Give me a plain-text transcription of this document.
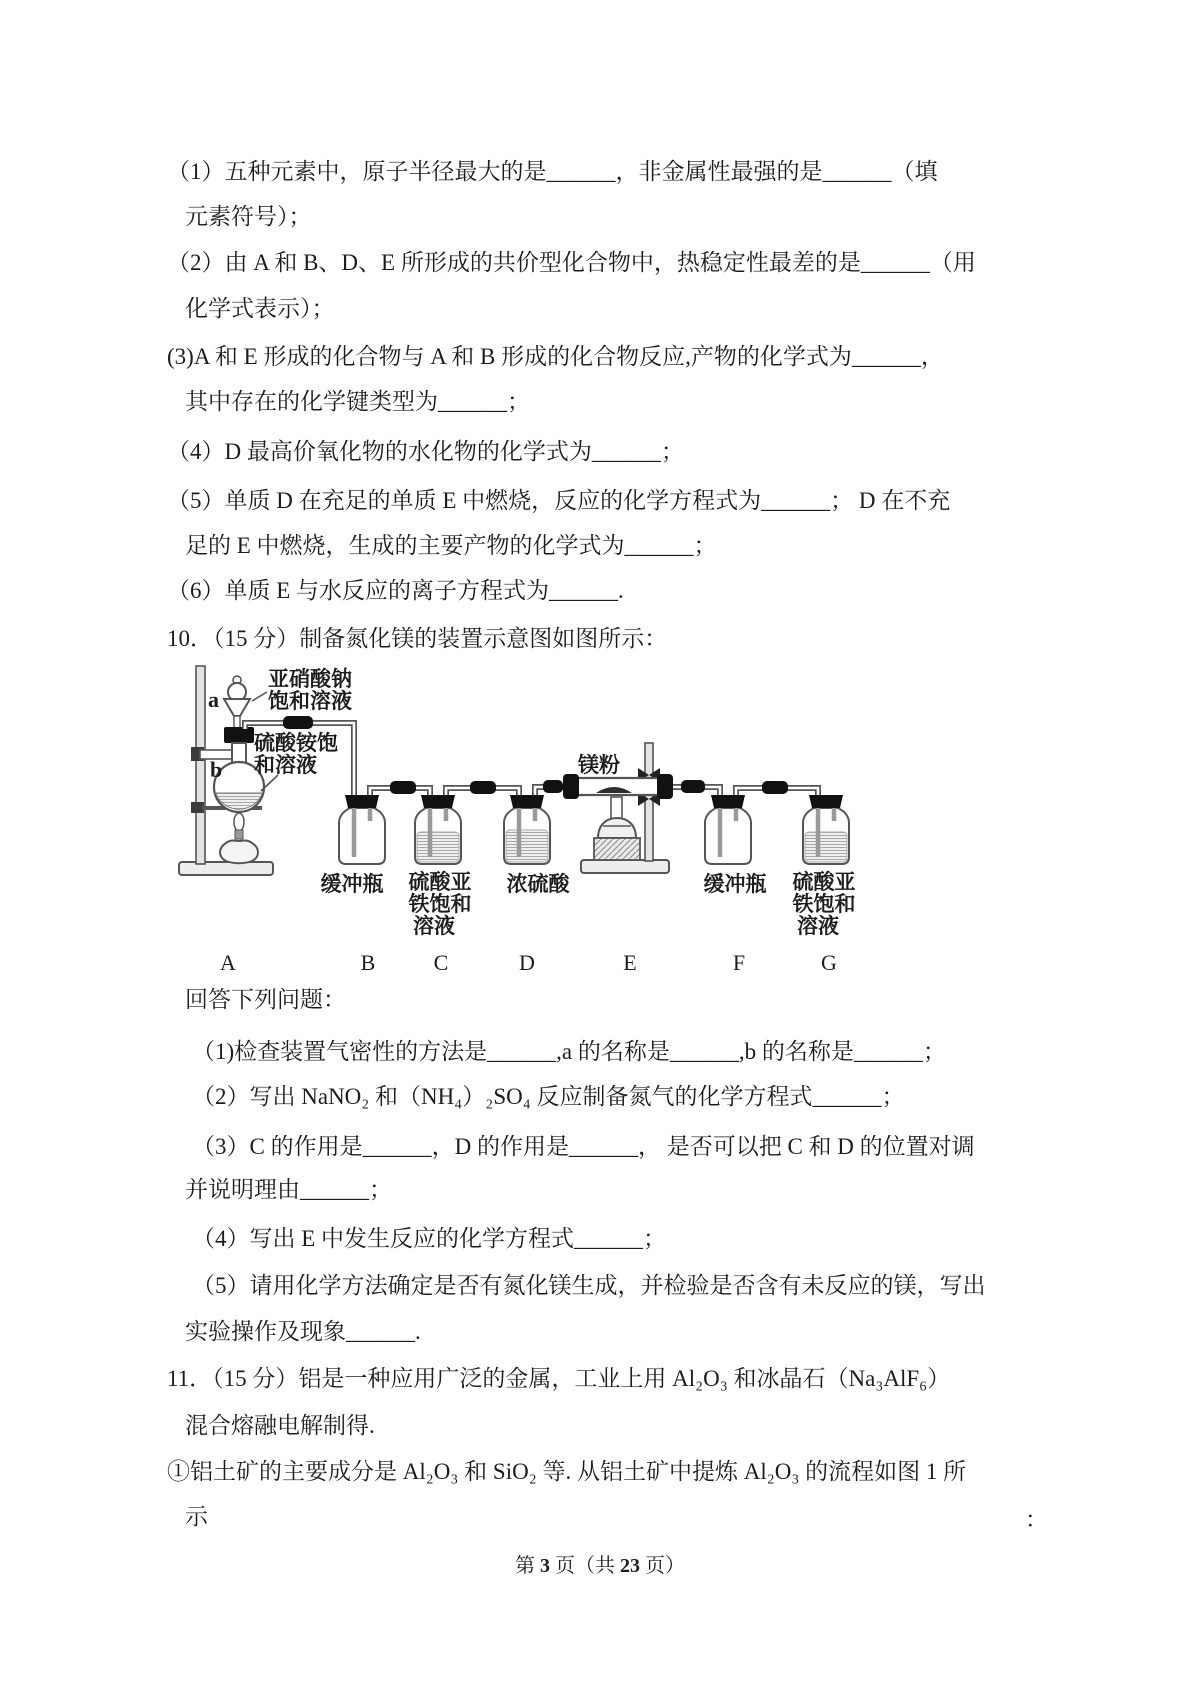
（1）五种元素中，原子半径最大的是______，非金属性最强的是______（填
元素符号）；
（2）由 A 和 B、D、E 所形成的共价型化合物中，热稳定性最差的是______（用
化学式表示）；
(3)A 和 E 形成的化合物与 A 和 B 形成的化合物反应,产物的化学式为______，
其中存在的化学键类型为______；
（4）D 最高价氧化物的水化物的化学式为______；
（5）单质 D 在充足的单质 E 中燃烧，反应的化学方程式为______； D 在不充
足的 E 中燃烧，生成的主要产物的化学式为______；
（6）单质 E 与水反应的离子方程式为______.
10．（15 分）制备氮化镁的装置示意图如图所示：
a
b
亚硝酸钠
饱和溶液
硫酸铵饱
和溶液	镁粉
缓冲瓶 硫酸亚
铁饱和
溶液
浓硫酸	缓冲瓶 硫酸亚
铁饱和
溶液
A	B	C	D	E	F	G
回答下列问题：
（1)检查装置气密性的方法是______,a 的名称是______,b 的名称是______；
（2）写出 NaNO₂ 和（NH₄）₂SO₄ 反应制备氮气的化学方程式______；
（3）C 的作用是______，D 的作用是______， 是否可以把 C 和 D 的位置对调
并说明理由______；
（4）写出 E 中发生反应的化学方程式______；
（5）请用化学方法确定是否有氮化镁生成，并检验是否含有未反应的镁，写出
实验操作及现象______.
11．（15 分）铝是一种应用广泛的金属，工业上用 Al₂O₃ 和冰晶石（Na₃AlF₆）
混合熔融电解制得.
①铝土矿的主要成分是 Al₂O₃ 和 SiO₂ 等. 从铝土矿中提炼 Al₂O₃ 的流程如图 1 所
示	：
第 3 页（共 23 页）
